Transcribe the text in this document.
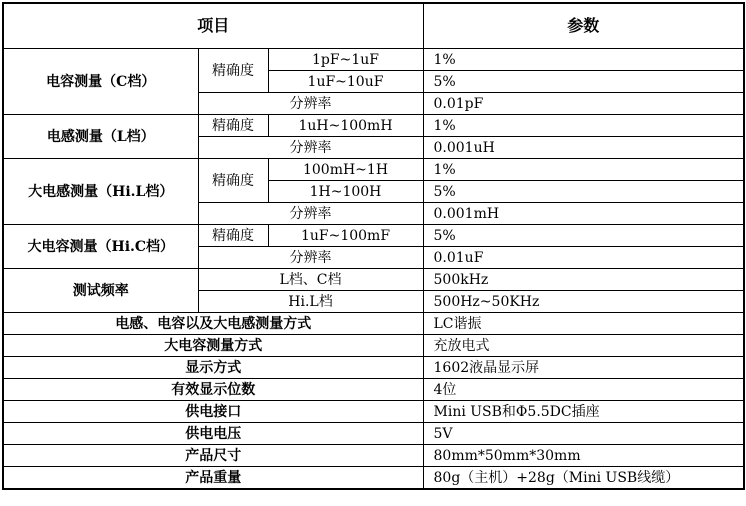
项目			参数
电容测量（C档）	精确度	1pF~1uF	1%
		1uF~10uF	5%
	分辨率		0.01pF
电感测量（L档）	精确度	1uH~100mH	1%
	分辨率		0.001uH
大电感测量（Hi.L档）	精确度	100mH~1H	1%
		1H~100H	5%
	分辨率		0.001mH
大电容测量（Hi.C档）	精确度	1uF~100mF	5%
	分辨率		0.01uF
测试频率	L档、C档		500kHz
	Hi.L档		500Hz~50KHz
电感、电容以及大电感测量方式			LC谐振
大电容测量方式			充放电式
显示方式			1602液晶显示屏
有效显示位数			4位
供电接口			Mini USB和Φ5.5DC插座
供电电压			5V
产品尺寸			80mm*50mm*30mm
产品重量			80g（主机）+28g（Mini USB线缆）
